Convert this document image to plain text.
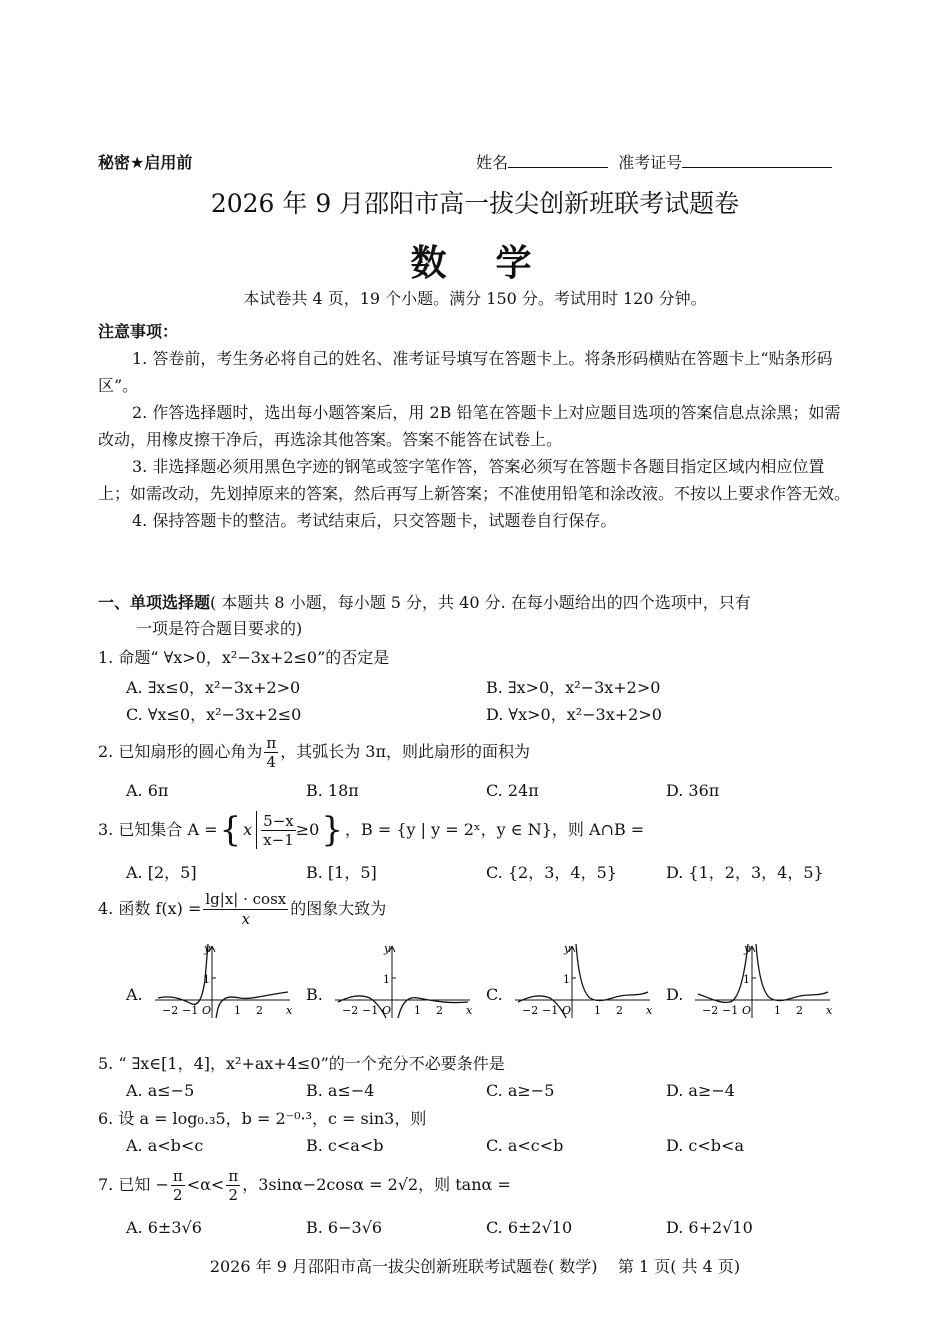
秘密★启用前	姓名	准考证号
2026 年 9 月邵阳市高一拔尖创新班联考试题卷
数  学
本试卷共 4 页，19 个小题。满分 150 分。考试用时 120 分钟。
注意事项：
1. 答卷前，考生务必将自己的姓名、准考证号填写在答题卡上。将条形码横贴在答题卡上“贴条形码区”。
2. 作答选择题时，选出每小题答案后，用 2B 铅笔在答题卡上对应题目选项的答案信息点涂黑；如需改动，用橡皮擦干净后，再选涂其他答案。答案不能答在试卷上。
3. 非选择题必须用黑色字迹的钢笔或签字笔作答，答案必须写在答题卡各题目指定区域内相应位置上；如需改动，先划掉原来的答案，然后再写上新答案；不准使用铅笔和涂改液。不按以上要求作答无效。
4. 保持答题卡的整洁。考试结束后，只交答题卡，试题卷自行保存。
一、单项选择题( 本题共 8 小题，每小题 5 分，共 40 分. 在每小题给出的四个选项中，只有
一项是符合题目要求的)
1. 命题“ ∀x>0，x²−3x+2≤0”的否定是
A. ∃x≤0，x²−3x+2>0	B. ∃x>0，x²−3x+2>0
C. ∀x≤0，x²−3x+2≤0	D. ∀x>0，x²−3x+2>0
2. 已知扇形的圆心角为 $\frac{\pi}{4}$ ，其弧长为 3π，则此扇形的面积为
A. 6π	B. 18π	C. 24π	D. 36π
3. 已知集合 A = { x $\frac{5-x}{x-1} \ge 0$ } ，B = {y | y = 2ˣ，y ∈ N}，则 A∩B =
A. [2，5]	B. [1，5]	C. {2，3，4，5}	D. {1，2，3，4，5}
4. 函数 $f(x) = \frac{\lg|x| \cdot \cos x}{x}$ 的图象大致为
A.	B.	C.	D.
y
1
O
−2 −1	1 2 x
y
1
O
−2 −1	1 2 x
y
1
O
−2 −1	1 2 x
y
1
O
−2 −1	1 2 x
5. “ ∃x∈[1，4]，x²+ax+4≤0”的一个充分不必要条件是
A. a≤−5	B. a≤−4	C. a≥−5	D. a≥−4
6. 设 a = log₀.₃5，b = 2⁻⁰·³，c = sin3，则
A. a<b<c	B. c<a<b	C. a<c<b	D. c<b<a
7. 已知 − $\frac{\pi}{2} <\alpha< \frac{\pi}{2}$ ，3sinα−2cosα = 2√2，则 tanα =
A. 6±3√6	B. 6−3√6	C. 6±2√10	D. 6+2√10
2026 年 9 月邵阳市高一拔尖创新班联考试题卷( 数学)    第 1 页( 共 4 页)
